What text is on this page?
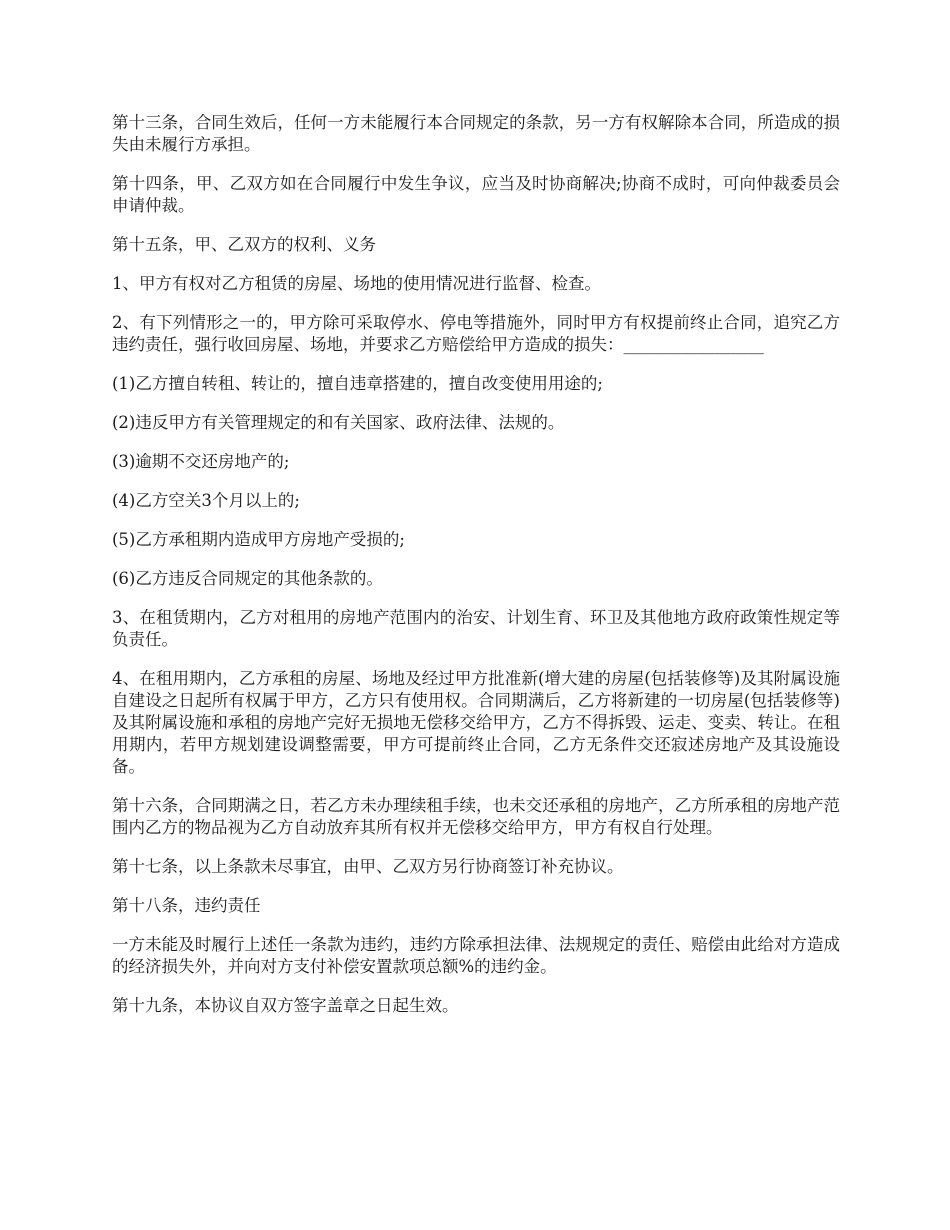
第十三条，合同生效后，任何一方未能履行本合同规定的条款，另一方有权解除本合同，所造成的损失由未履行方承担。

第十四条，甲、乙双方如在合同履行中发生争议，应当及时协商解决;协商不成时，可向仲裁委员会申请仲裁。

第十五条，甲、乙双方的权利、义务

1、甲方有权对乙方租赁的房屋、场地的使用情况进行监督、检查。

2、有下列情形之一的，甲方除可采取停水、停电等措施外，同时甲方有权提前终止合同，追究乙方违约责任，强行收回房屋、场地，并要求乙方赔偿给甲方造成的损失：_________________

(1)乙方擅自转租、转让的，擅自违章搭建的，擅自改变使用用途的;

(2)违反甲方有关管理规定的和有关国家、政府法律、法规的。

(3)逾期不交还房地产的;

(4)乙方空关3个月以上的;

(5)乙方承租期内造成甲方房地产受损的;

(6)乙方违反合同规定的其他条款的。

3、在租赁期内，乙方对租用的房地产范围内的治安、计划生育、环卫及其他地方政府政策性规定等负责任。

4、在租用期内，乙方承租的房屋、场地及经过甲方批准新(增大建的房屋(包括装修等)及其附属设施自建设之日起所有权属于甲方，乙方只有使用权。合同期满后，乙方将新建的一切房屋(包括装修等)及其附属设施和承租的房地产完好无损地无偿移交给甲方，乙方不得拆毁、运走、变卖、转让。在租用期内，若甲方规划建设调整需要，甲方可提前终止合同，乙方无条件交还寂述房地产及其设施设备。

第十六条，合同期满之日，若乙方未办理续租手续，也未交还承租的房地产，乙方所承租的房地产范围内乙方的物品视为乙方自动放弃其所有权并无偿移交给甲方，甲方有权自行处理。

第十七条，以上条款未尽事宜，由甲、乙双方另行协商签订补充协议。

第十八条，违约责任

一方未能及时履行上述任一条款为违约，违约方除承担法律、法规规定的责任、赔偿由此给对方造成的经济损失外，并向对方支付补偿安置款项总额%的违约金。

第十九条，本协议自双方签字盖章之日起生效。
